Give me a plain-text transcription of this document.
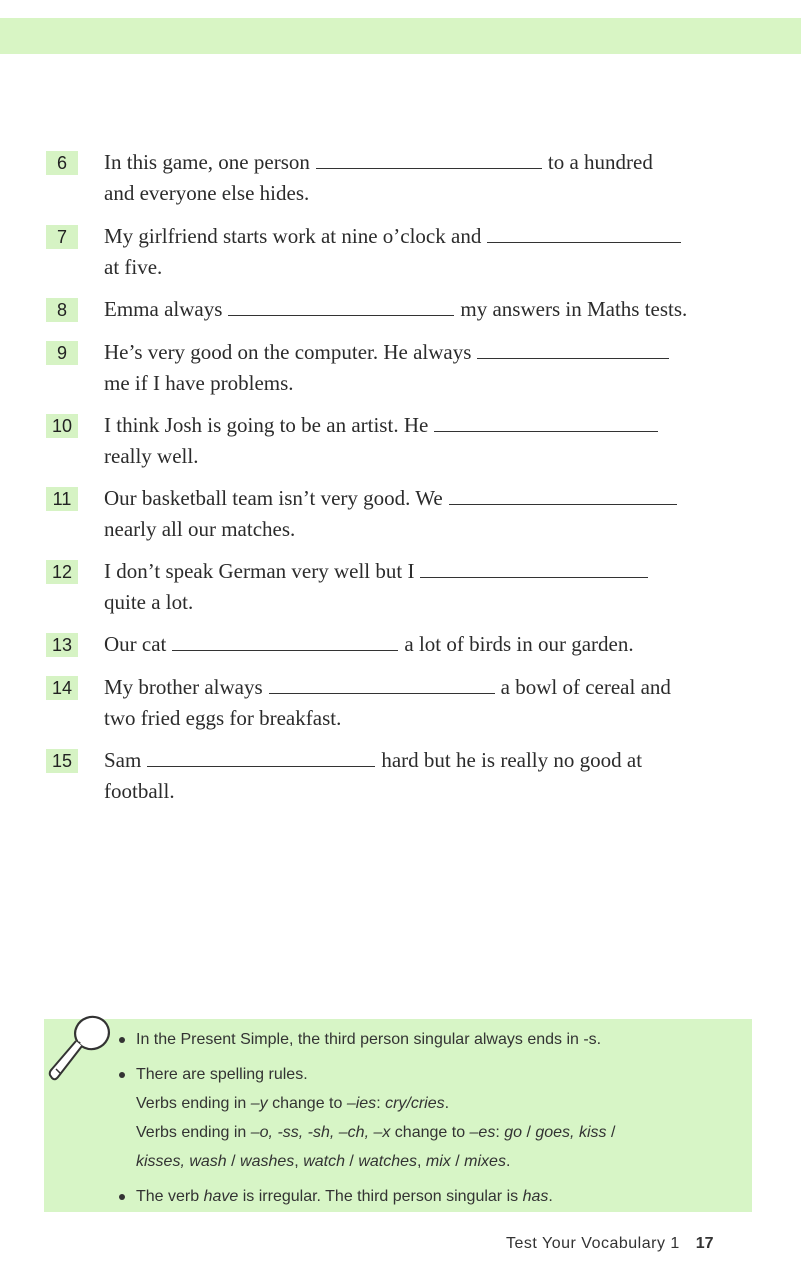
6	In this game, one person	to a hundred
and everyone else hides.
7	My girlfriend starts work at nine o’clock and
at five.
8	Emma always	my answers in Maths tests.
9	He’s very good on the computer. He always
me if I have problems.
10 I think Josh is going to be an artist. He
really well.
11	Our basketball team isn’t very good. We
nearly all our matches.
12 I don’t speak German very well but I
quite a lot.
13 Our cat	a lot of birds in our garden.
14 My brother always	a bowl of cereal and
two fried eggs for breakfast.
15 Sam	hard but he is really no good at
football.
In the Present Simple, the third person singular always ends in -s.
There are spelling rules.
Verbs ending in –y change to –ies: cry/cries.
Verbs ending in –o, -ss, -sh, –ch, –x change to –es: go / goes, kiss /
kisses, wash / washes, watch / watches, mix / mixes.
The verb have is irregular. The third person singular is has.
Test Your Vocabulary 1 17
